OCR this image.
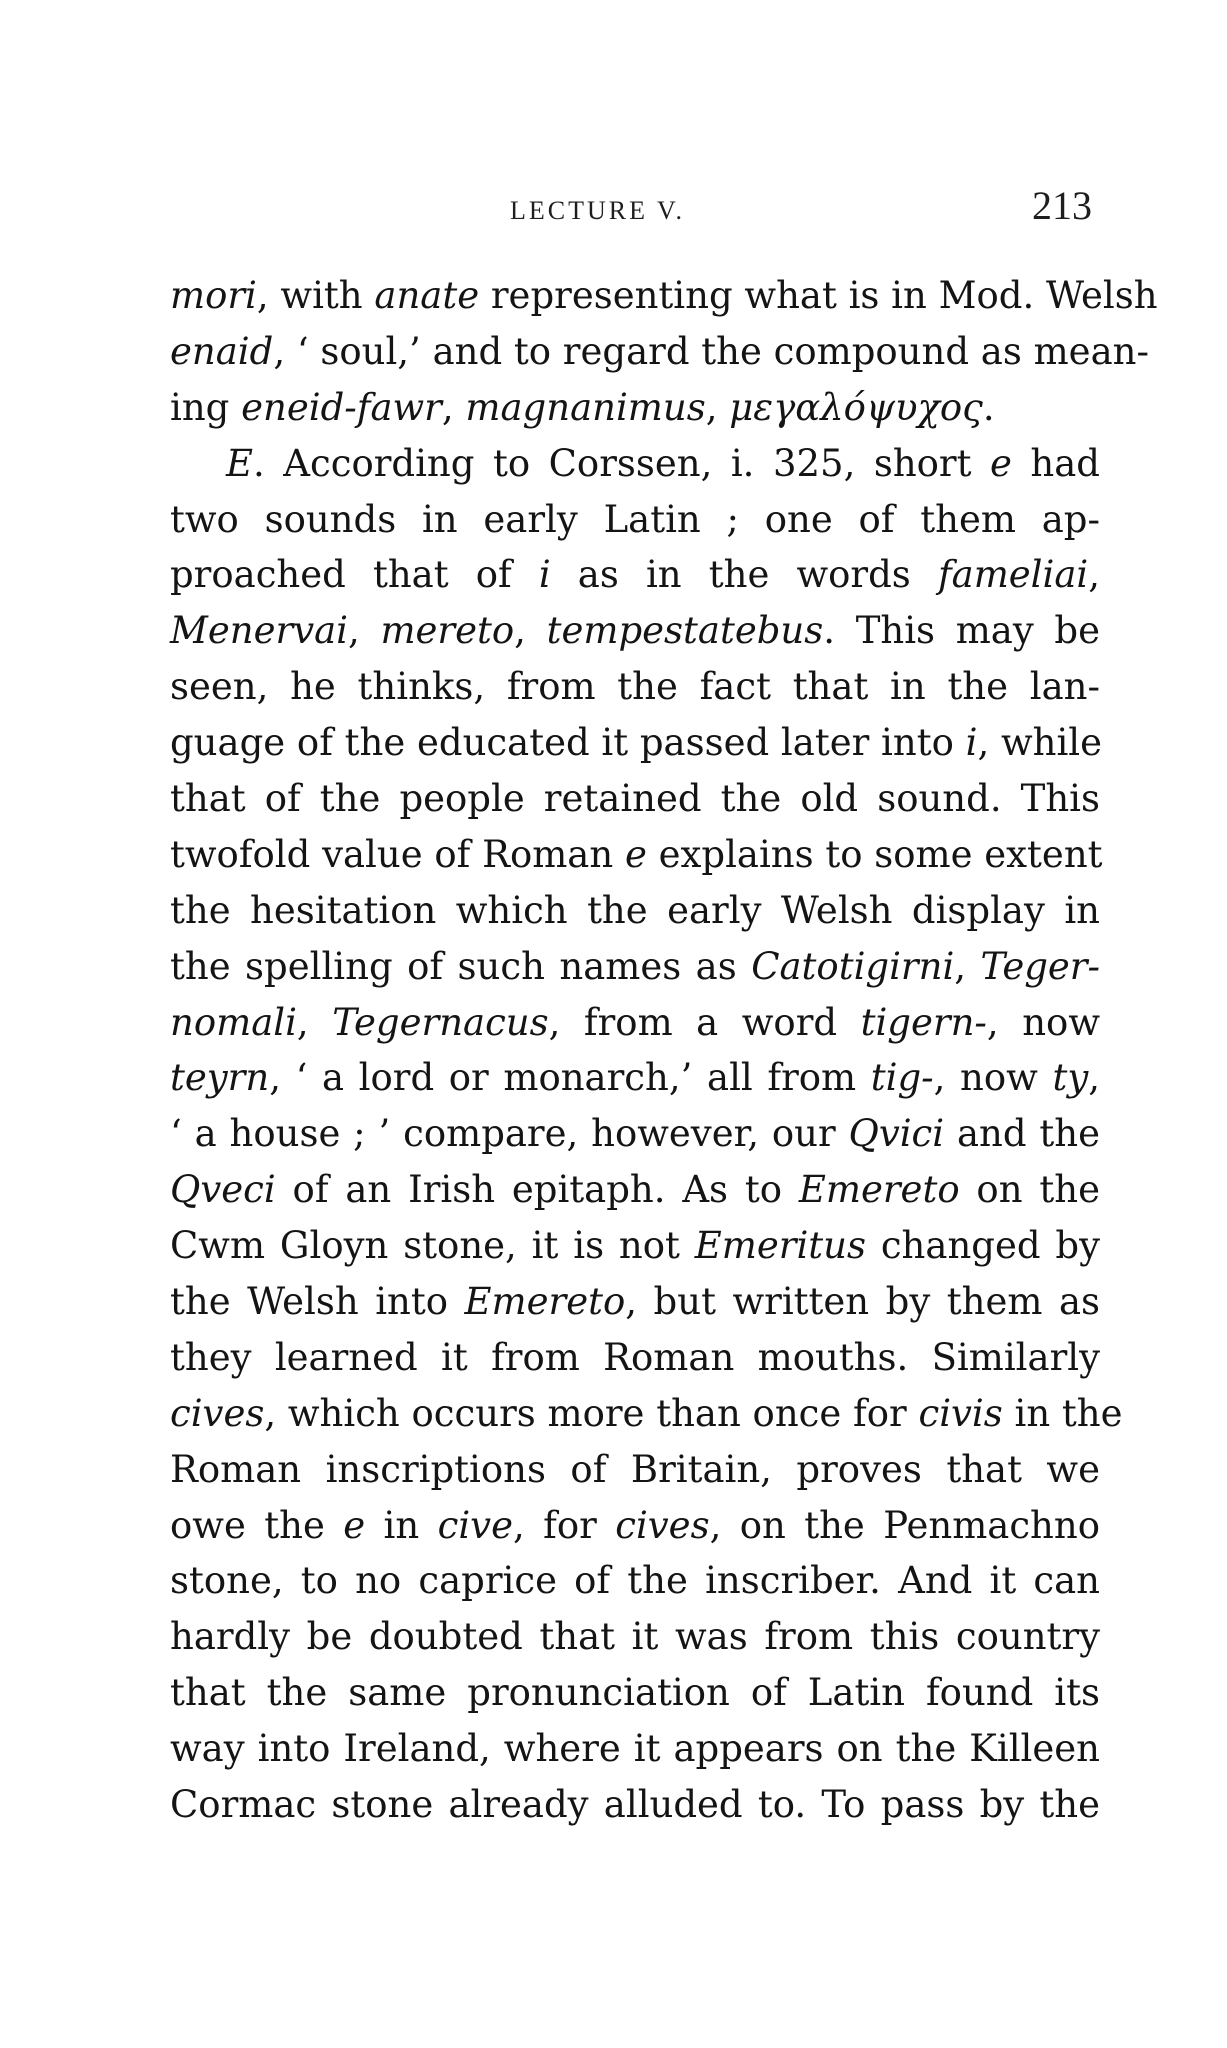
LECTURE V.	213
mori, with anate representing what is in Mod. Welsh
enaid, ‘ soul,’ and to regard the compound as mean-
ing eneid-fawr, magnanimus, μεγαλόψυχος.
E. According to Corssen, i. 325, short e had
two sounds in early Latin ; one of them ap-
proached that of i as in the words fameliai,
Menervai, mereto, tempestatebus. This may be
seen, he thinks, from the fact that in the lan-
guage of the educated it passed later into i, while
that of the people retained the old sound. This
twofold value of Roman e explains to some extent
the hesitation which the early Welsh display in
the spelling of such names as Catotigirni, Teger-
nomali, Tegernacus, from a word tigern-, now
teyrn, ‘ a lord or monarch,’ all from tig-, now ty,
‘ a house ; ’ compare, however, our Qvici and the
Qveci of an Irish epitaph. As to Emereto on the
Cwm Gloyn stone, it is not Emeritus changed by
the Welsh into Emereto, but written by them as
they learned it from Roman mouths. Similarly
cives, which occurs more than once for civis in the
Roman inscriptions of Britain, proves that we
owe the e in cive, for cives, on the Penmachno
stone, to no caprice of the inscriber. And it can
hardly be doubted that it was from this country
that the same pronunciation of Latin found its
way into Ireland, where it appears on the Killeen
Cormac stone already alluded to. To pass by the
